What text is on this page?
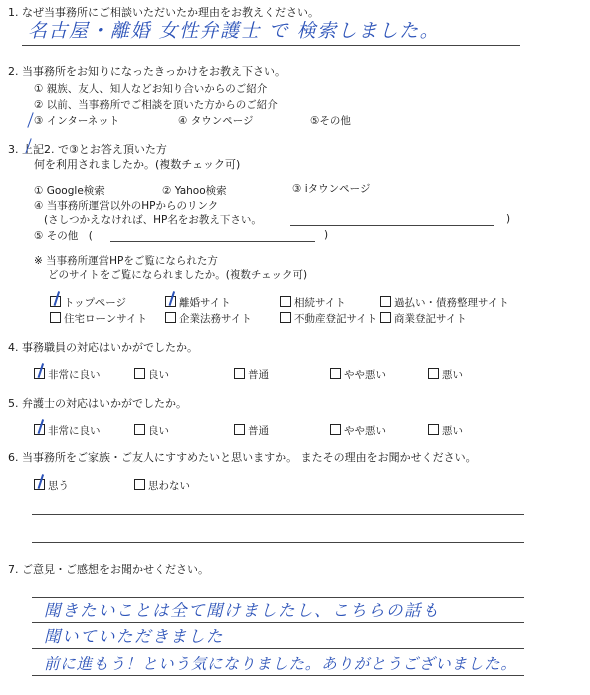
1. なぜ当事務所にご相談いただいたか理由をお教えください。
名古屋・離婚 女性弁護士 で 検索しました。
2. 当事務所をお知りになったきっかけをお教え下さい。
① 親族、友人、知人などお知り合いからのご紹介
② 以前、当事務所でご相談を頂いた方からのご紹介
③ インターネット	④ タウンページ	⑤その他
3. 上記2. で③とお答え頂いた方
何を利用されましたか。(複数チェック可)
① Google検索	② Yahoo検索	③ iタウンページ
④ 当事務所運営以外のHPからのリンク
(さしつかえなければ、HP名をお教え下さい。	)
⑤ その他　(	)
※ 当事務所運営HPをご覧になられた方
どのサイトをご覧になられましたか。(複数チェック可)
トップページ	離婚サイト	相続サイト	過払い・債務整理サイト
住宅ローンサイト	企業法務サイト	不動産登記サイト	商業登記サイト
4. 事務職員の対応はいかがでしたか。
非常に良い	良い	普通	やや悪い	悪い
5. 弁護士の対応はいかがでしたか。
非常に良い	良い	普通	やや悪い	悪い
6. 当事務所をご家族・ご友人にすすめたいと思いますか。 またその理由をお聞かせください。
思う	思わない
7. ご意見・ご感想をお聞かせください。
聞きたいことは全て聞けましたし、こちらの話も
聞いていただきました
前に進もう！という気になりました。ありがとうございました。
